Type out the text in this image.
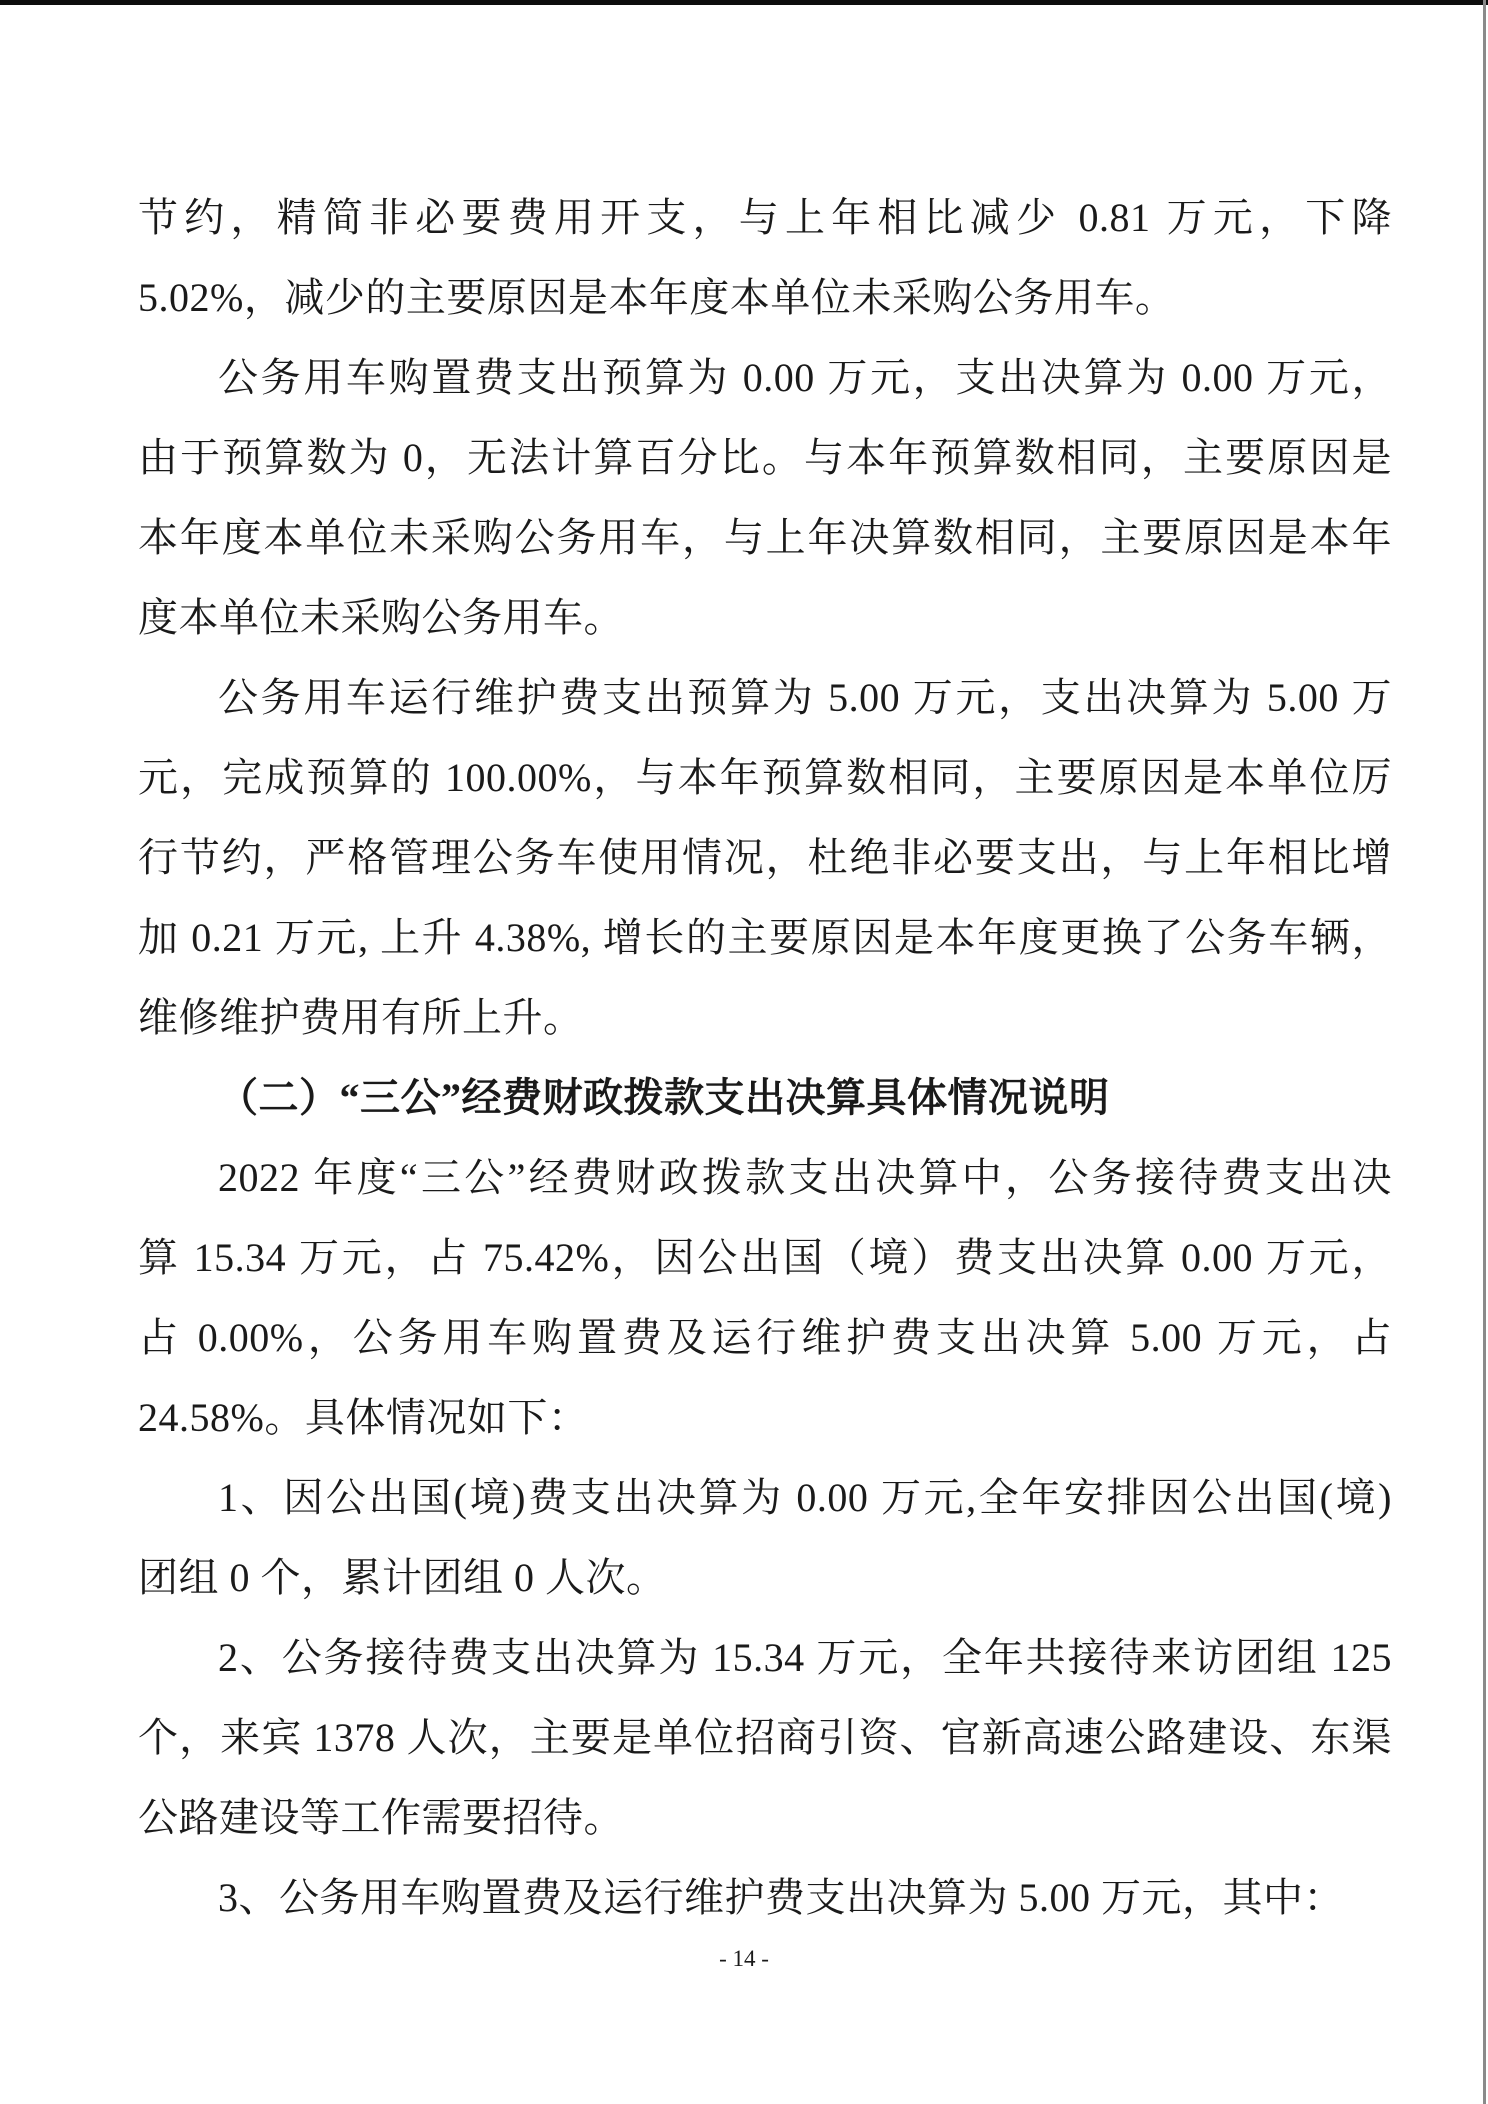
节约，精简非必要费用开支，与上年相比减少 0.81 万元，下降
5.02%，减少的主要原因是本年度本单位未采购公务用车。
公务用车购置费支出预算为 0.00 万元，支出决算为 0.00 万元，
由于预算数为 0，无法计算百分比。与本年预算数相同，主要原因是
本年度本单位未采购公务用车，与上年决算数相同，主要原因是本年
度本单位未采购公务用车。
公务用车运行维护费支出预算为 5.00 万元，支出决算为 5.00 万
元，完成预算的 100.00%，与本年预算数相同，主要原因是本单位厉
行节约，严格管理公务车使用情况，杜绝非必要支出，与上年相比增
加 0.21 万元, 上升 4.38%, 增长的主要原因是本年度更换了公务车辆，
维修维护费用有所上升。
（二）“三公”经费财政拨款支出决算具体情况说明
2022 年度“三公”经费财政拨款支出决算中，公务接待费支出决
算 15.34 万元，占 75.42%，因公出国（境）费支出决算 0.00 万元，
占 0.00%，公务用车购置费及运行维护费支出决算 5.00 万元，占
24.58%。具体情况如下：
1、因公出国(境)费支出决算为 0.00 万元,全年安排因公出国(境)
团组 0 个，累计团组 0 人次。
2、公务接待费支出决算为 15.34 万元，全年共接待来访团组 125
个，来宾 1378 人次，主要是单位招商引资、官新高速公路建设、东渠
公路建设等工作需要招待。
3、公务用车购置费及运行维护费支出决算为 5.00 万元，其中：
- 14 -
